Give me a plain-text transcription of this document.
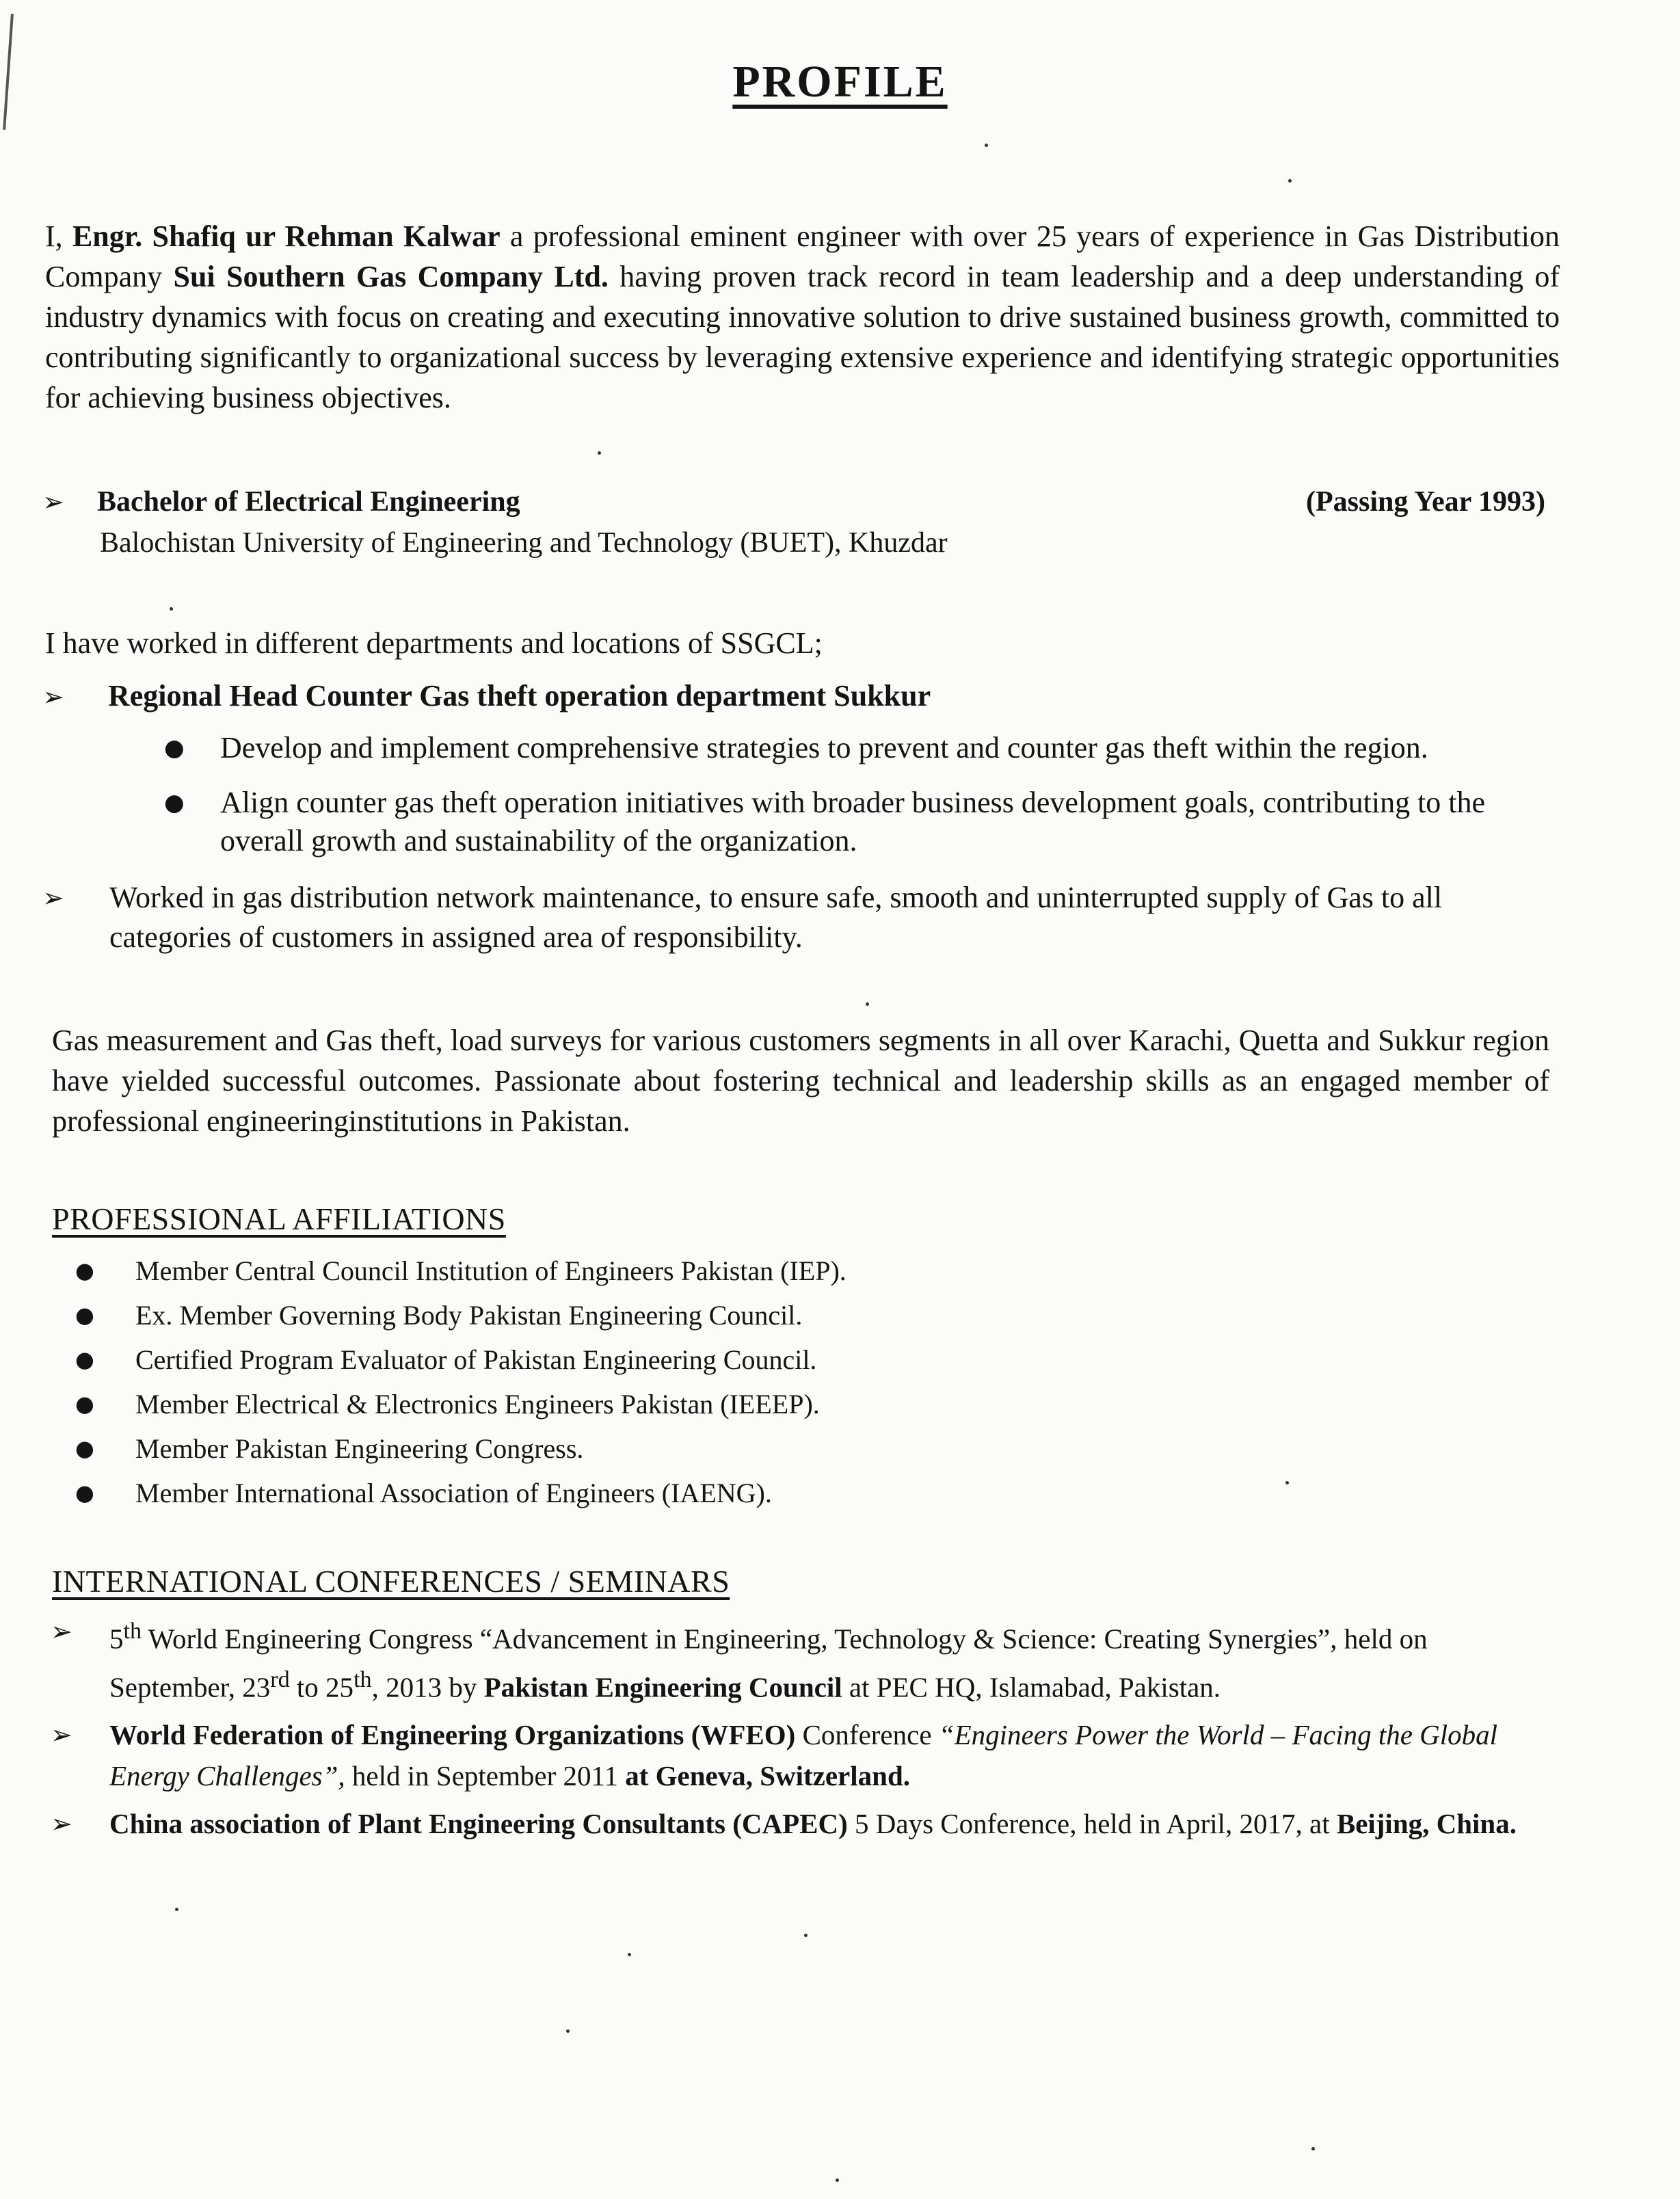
PROFILE
I, Engr. Shafiq ur Rehman Kalwar a professional eminent engineer with over 25 years of experience in Gas Distribution Company Sui Southern Gas Company Ltd. having proven track record in team leadership and a deep understanding of industry dynamics with focus on creating and executing innovative solution to drive sustained business growth, committed to contributing significantly to organizational success by leveraging extensive experience and identifying strategic opportunities for achieving business objectives.
➢ Bachelor of Electrical Engineering	(Passing Year 1993)
Balochistan University of Engineering and Technology (BUET), Khuzdar
I have worked in different departments and locations of SSGCL;
➢ Regional Head Counter Gas theft operation department Sukkur
● Develop and implement comprehensive strategies to prevent and counter gas theft within the region.
● Align counter gas theft operation initiatives with broader business development goals, contributing to the overall growth and sustainability of the organization.
➢	Worked in gas distribution network maintenance, to ensure safe, smooth and uninterrupted supply of Gas to all categories of customers in assigned area of responsibility.
Gas measurement and Gas theft, load surveys for various customers segments in all over Karachi, Quetta and Sukkur region have yielded successful outcomes. Passionate about fostering technical and leadership skills as an engaged member of professional engineeringinstitutions in Pakistan.
PROFESSIONAL AFFILIATIONS
● Member Central Council Institution of Engineers Pakistan (IEP).
● Ex. Member Governing Body Pakistan Engineering Council.
● Certified Program Evaluator of Pakistan Engineering Council.
● Member Electrical & Electronics Engineers Pakistan (IEEEP).
● Member Pakistan Engineering Congress.
● Member International Association of Engineers (IAENG).
INTERNATIONAL CONFERENCES / SEMINARS
➢ 5th World Engineering Congress “Advancement in Engineering, Technology & Science: Creating Synergies”, held on September, 23rd to 25th, 2013 by Pakistan Engineering Council at PEC HQ, Islamabad, Pakistan.
➢ World Federation of Engineering Organizations (WFEO) Conference “Engineers Power the World – Facing the Global Energy Challenges”, held in September 2011 at Geneva, Switzerland.
➢ China association of Plant Engineering Consultants (CAPEC) 5 Days Conference, held in April, 2017, at Beijing, China.
